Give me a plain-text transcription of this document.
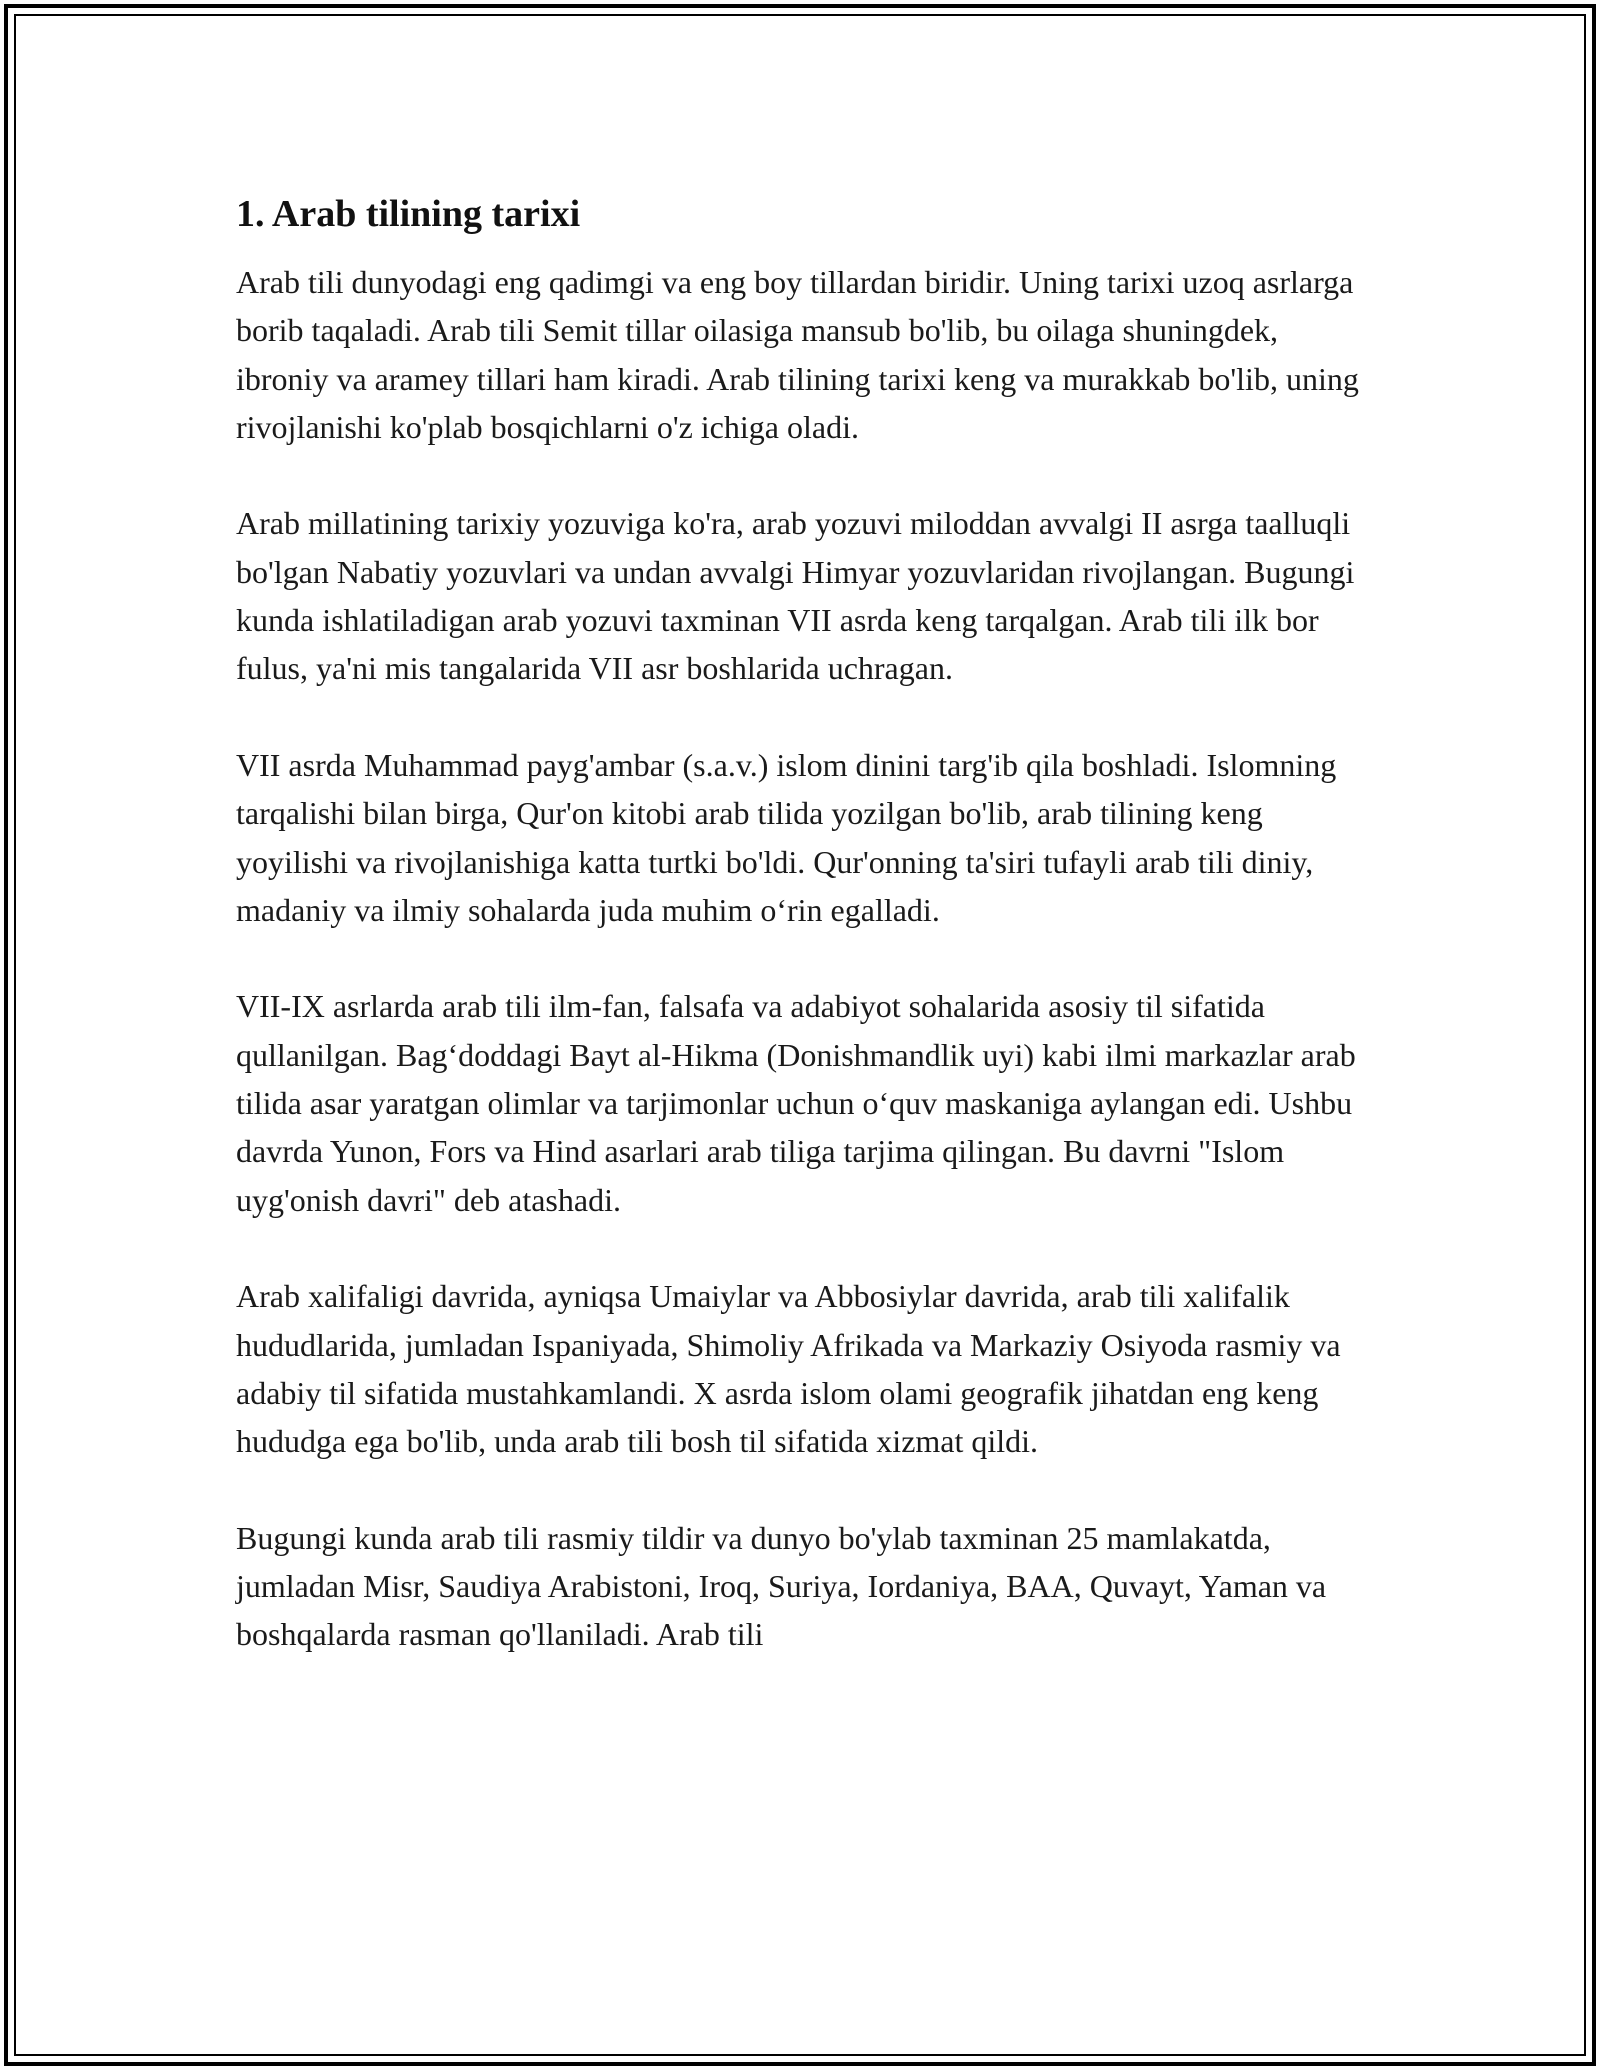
1. Arab tilining tarixi

Arab tili dunyodagi eng qadimgi va eng boy tillardan biridir. Uning tarixi uzoq asrlarga borib taqaladi. Arab tili Semit tillar oilasiga mansub bo'lib, bu oilaga shuningdek, ibroniy va aramey tillari ham kiradi. Arab tilining tarixi keng va murakkab bo'lib, uning rivojlanishi ko'plab bosqichlarni o'z ichiga oladi.

Arab millatining tarixiy yozuviga ko'ra, arab yozuvi miloddan avvalgi II asrga taalluqli bo'lgan Nabatiy yozuvlari va undan avvalgi Himyar yozuvlaridan rivojlangan. Bugungi kunda ishlatiladigan arab yozuvi taxminan VII asrda keng tarqalgan. Arab tili ilk bor fulus, ya'ni mis tangalarida VII asr boshlarida uchragan.

VII asrda Muhammad payg'ambar (s.a.v.) islom dinini targ'ib qila boshladi. Islomning tarqalishi bilan birga, Qur'on kitobi arab tilida yozilgan bo'lib, arab tilining keng yoyilishi va rivojlanishiga katta turtki bo'ldi. Qur'onning ta'siri tufayli arab tili diniy, madaniy va ilmiy sohalarda juda muhim o‘rin egalladi.

VII-IX asrlarda arab tili ilm-fan, falsafa va adabiyot sohalarida asosiy til sifatida qullanilgan. Bag‘doddagi Bayt al-Hikma (Donishmandlik uyi) kabi ilmi markazlar arab tilida asar yaratgan olimlar va tarjimonlar uchun o‘quv maskaniga aylangan edi. Ushbu davrda Yunon, Fors va Hind asarlari arab tiliga tarjima qilingan. Bu davrni "Islom uyg'onish davri" deb atashadi.

Arab xalifaligi davrida, ayniqsa Umaiylar va Abbosiylar davrida, arab tili xalifalik hududlarida, jumladan Ispaniyada, Shimoliy Afrikada va Markaziy Osiyoda rasmiy va adabiy til sifatida mustahkamlandi. X asrda islom olami geografik jihatdan eng keng hududga ega bo'lib, unda arab tili bosh til sifatida xizmat qildi.

Bugungi kunda arab tili rasmiy tildir va dunyo bo'ylab taxminan 25 mamlakatda, jumladan Misr, Saudiya Arabistoni, Iroq, Suriya, Iordaniya, BAA, Quvayt, Yaman va boshqalarda rasman qo'llaniladi. Arab tili
